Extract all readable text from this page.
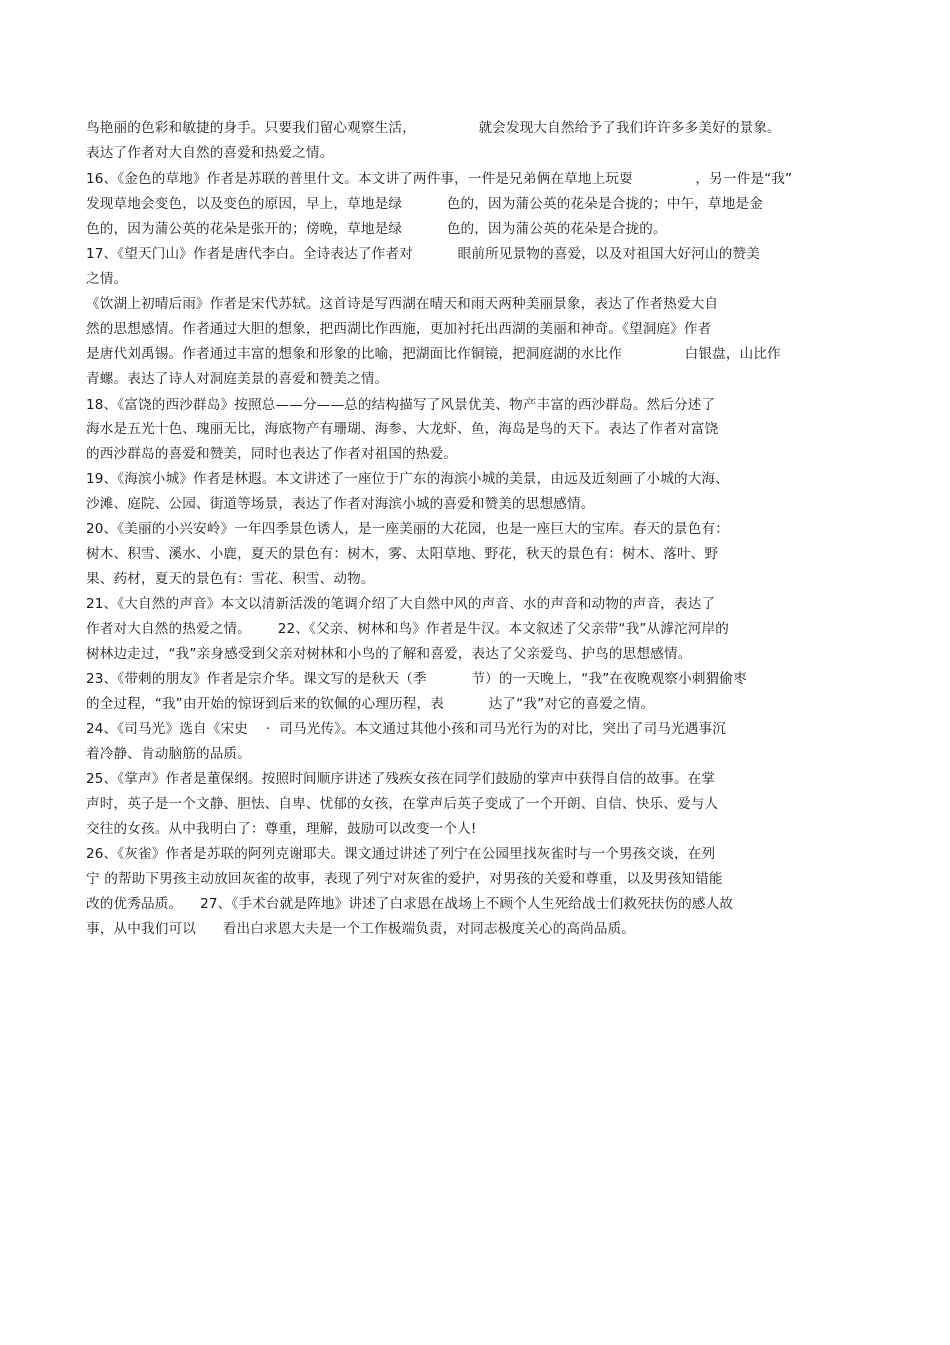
鸟艳丽的色彩和敏捷的身手。只要我们留心观察生活，              就会发现大自然给予了我们许许多多美好的景象。
表达了作者对大自然的喜爱和热爱之情。
16、《金色的草地》作者是苏联的普里什文。本文讲了两件事，一件是兄弟俩在草地上玩耍              ，另一件是“我”
发现草地会变色，以及变色的原因，早上，草地是绿          色的，因为蒲公英的花朵是合拢的；中午，草地是金
色的，因为蒲公英的花朵是张开的；傍晚，草地是绿          色的，因为蒲公英的花朵是合拢的。
17、《望天门山》作者是唐代李白。全诗表达了作者对          眼前所见景物的喜爱，以及对祖国大好河山的赞美
之情。
《饮湖上初晴后雨》作者是宋代苏轼。这首诗是写西湖在晴天和雨天两种美丽景象，表达了作者热爱大自
然的思想感情。作者通过大胆的想象，把西湖比作西施，更加衬托出西湖的美丽和神奇。《望洞庭》作者
是唐代刘禹锡。作者通过丰富的想象和形象的比喻，把湖面比作铜镜，把洞庭湖的水比作              白银盘，山比作
青螺。表达了诗人对洞庭美景的喜爱和赞美之情。
18、《富饶的西沙群岛》按照总——分——总的结构描写了风景优美、物产丰富的西沙群岛。然后分述了
海水是五光十色、瑰丽无比，海底物产有珊瑚、海参、大龙虾、鱼，海岛是鸟的天下。表达了作者对富饶
的西沙群岛的喜爱和赞美，同时也表达了作者对祖国的热爱。
19、《海滨小城》作者是林遐。本文讲述了一座位于广东的海滨小城的美景，由远及近刻画了小城的大海、
沙滩、庭院、公园、街道等场景，表达了作者对海滨小城的喜爱和赞美的思想感情。
20、《美丽的小兴安岭》一年四季景色诱人，是一座美丽的大花园，也是一座巨大的宝库。春天的景色有：
树木、积雪、溪水、小鹿，夏天的景色有：树木，雾、太阳草地、野花，秋天的景色有：树木、落叶、野
果、药材，夏天的景色有：雪花、积雪、动物。
21、《大自然的声音》本文以清新活泼的笔调介绍了大自然中风的声音、水的声音和动物的声音，表达了
作者对大自然的热爱之情。      22、《父亲、树林和鸟》作者是牛汉。本文叙述了父亲带“我”从滹沱河岸的
树林边走过，“我”亲身感受到父亲对树林和小鸟的了解和喜爱，表达了父亲爱鸟、护鸟的思想感情。
23、《带刺的朋友》作者是宗介华。课文写的是秋天（季          节）的一天晚上，“我”在夜晚观察小刺猬偷枣
的全过程，“我”由开始的惊讶到后来的钦佩的心理历程，表          达了“我”对它的喜爱之情。
24、《司马光》选自《宋史    ·  司马光传》。本文通过其他小孩和司马光行为的对比，突出了司马光遇事沉
着冷静、肯动脑筋的品质。
25、《掌声》作者是董保纲。按照时间顺序讲述了残疾女孩在同学们鼓励的掌声中获得自信的故事。在掌
声时，英子是一个文静、胆怯、自卑、忧郁的女孩，在掌声后英子变成了一个开朗、自信、快乐、爱与人
交往的女孩。从中我明白了：尊重，理解，鼓励可以改变一个人!
26、《灰雀》作者是苏联的阿列克谢耶夫。课文通过讲述了列宁在公园里找灰雀时与一个男孩交谈，在列
宁 的帮助下男孩主动放回灰雀的故事，表现了列宁对灰雀的爱护，对男孩的关爱和尊重，以及男孩知错能
改的优秀品质。    27、《手术台就是阵地》讲述了白求恩在战场上不顾个人生死给战士们救死扶伤的感人故
事，从中我们可以      看出白求恩大夫是一个工作极端负责，对同志极度关心的高尚品质。
